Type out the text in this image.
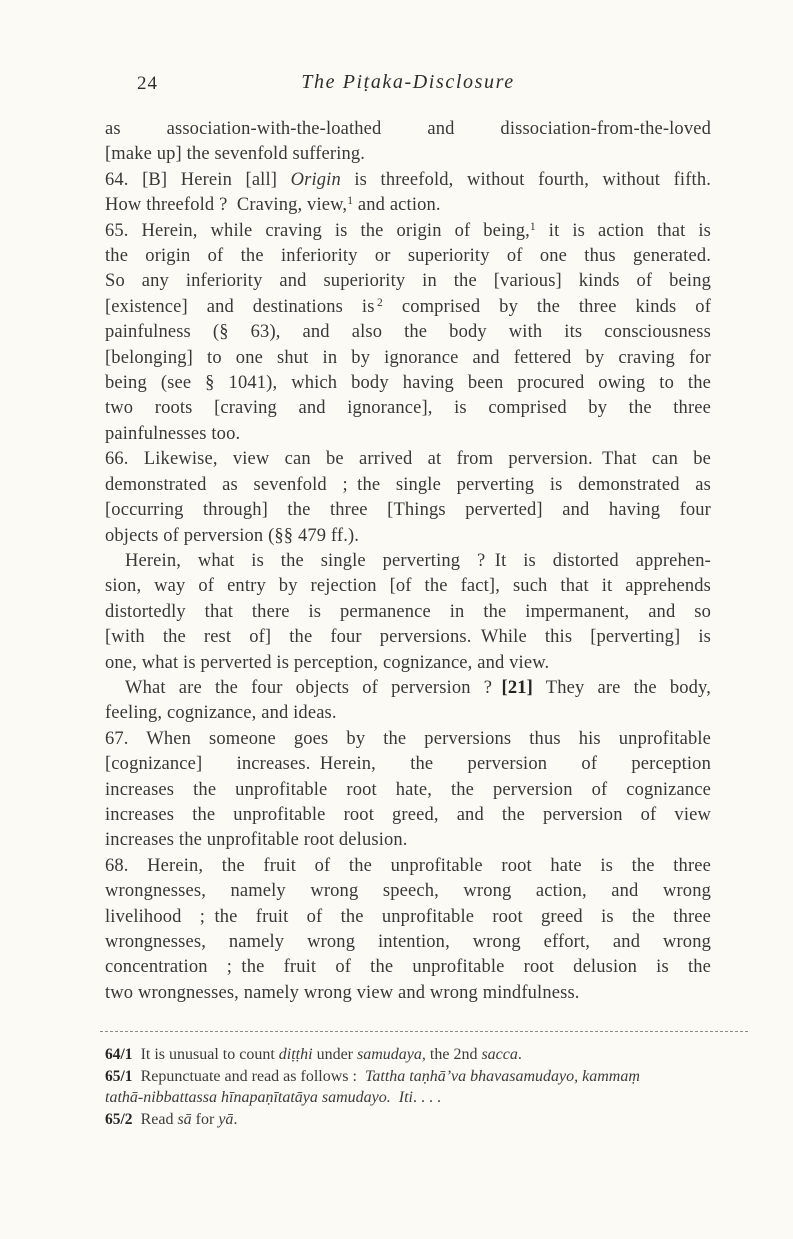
24	The Piṭaka-Disclosure
as association-with-the-loathed and dissociation-from-the-loved
[make up] the sevenfold suffering.
64. [B] Herein [all] Origin is threefold, without fourth, without fifth.
How threefold ? Craving, view,$^1$ and action.
65. Herein, while craving is the origin of being,$^1$ it is action that is
the origin of the inferiority or superiority of one thus generated.
So any inferiority and superiority in the [various] kinds of being
[existence] and destinations is $^2$ comprised by the three kinds of
painfulness (§ 63), and also the body with its consciousness
[belonging] to one shut in by ignorance and fettered by craving for
being (see § 1041), which body having been procured owing to the
two roots [craving and ignorance], is comprised by the three
painfulnesses too.
66. Likewise, view can be arrived at from perversion. That can be
demonstrated as sevenfold ; the single perverting is demonstrated as
[occurring through] the three [Things perverted] and having four
objects of perversion (§§ 479 ff.).
Herein, what is the single perverting ? It is distorted apprehen-
sion, way of entry by rejection [of the fact], such that it apprehends
distortedly that there is permanence in the impermanent, and so
[with the rest of] the four perversions. While this [perverting] is
one, what is perverted is perception, cognizance, and view.
What are the four objects of perversion ? [21] They are the body,
feeling, cognizance, and ideas.
67. When someone goes by the perversions thus his unprofitable
[cognizance] increases. Herein, the perversion of perception
increases the unprofitable root hate, the perversion of cognizance
increases the unprofitable root greed, and the perversion of view
increases the unprofitable root delusion.
68. Herein, the fruit of the unprofitable root hate is the three
wrongnesses, namely wrong speech, wrong action, and wrong
livelihood ; the fruit of the unprofitable root greed is the three
wrongnesses, namely wrong intention, wrong effort, and wrong
concentration ; the fruit of the unprofitable root delusion is the
two wrongnesses, namely wrong view and wrong mindfulness.
64/1 It is unusual to count diṭṭhi under samudaya, the 2nd sacca.
65/1 Repunctuate and read as follows : Tattha taṇhā’va bhavasamudayo, kammaṃ
tathā-nibbattassa hīnapaṇītatāya samudayo. Iti. . . .
65/2 Read sā for yā.
